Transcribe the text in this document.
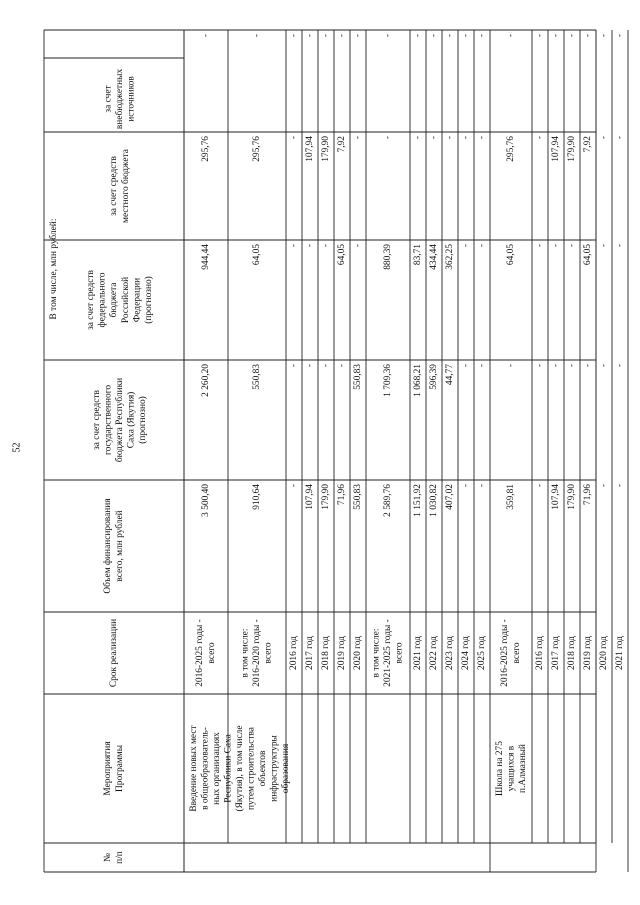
52
№ п/п
Мероприятия Программы
Срок реализации
Объем финансирования всего, млн рублей
за счет средств государственного бюджета Республики Саха (Якутия) (прогнозно)
за счет средств федерального бюджета Российской Федерации (прогнозно)
за счет средств местного бюджета
за счет внебюджетных источников
В том числе, млн рублей:
Введение новых мест в общеобразователь- ных организациях Республики Саха (Якутия), в том числе путем строительства объектов инфраструктуры образования	Школа на 275 учащихся в п.Алмазный
2016-2025 годы - всего
3 500,40
2 260,20
944,44
295,76
-
в том числе: 2016-2020 годы - всего
910,64
550,83
64,05
295,76
-
2016 год
-
-
-
-
-
2017 год
107,94
-
-
107,94
-
2018 год
179,90
-
-
179,90
-
2019 год
71,96
-
64,05
7,92
-
2020 год
550,83
550,83
-
-
-
в том числе: 2021-2025 годы - всего
2 589,76
1 709,36
880,39
-
-
2021 год
1 151,92
1 068,21
83,71
-
-
2022 год
1 030,82
596,39
434,44
-
-
2023 год
407,02
44,77
362,25
-
-
2024 год
-
-
-
-
-
2025 год
-
-
-
-
-
2016-2025 годы - всего
359,81
-
64,05
295,76
-
2016 год
-
-
-
-
-
2017 год
107,94
-
-
107,94
-
2018 год
179,90
-
-
179,90
-
2019 год
71,96
-
64,05
7,92
-
2020 год
-
-
-
-
-
2021 год
-
-
-
-
-
